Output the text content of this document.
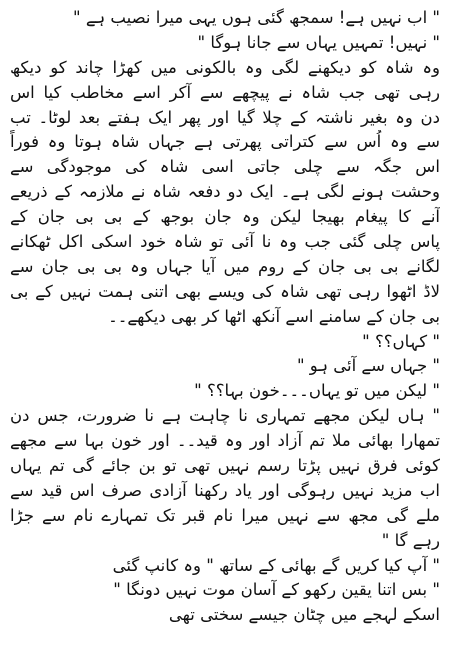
" اب نہیں ہے! سمجھ گئی ہوں یہی میرا نصیب ہے "
" نہیں! تمہیں یہاں سے جانا ہوگا "
وہ شاہ کو دیکھنے لگی وہ بالکونی میں کھڑا چاند کو دیکھ
رہی تھی جب شاہ نے پیچھے سے آکر اسے مخاطب کیا اس
دن وہ بغیر ناشتہ کے چلا گیا اور پھر ایک ہفتے بعد لوٹا۔ تب
سے وہ اُس سے کتراتی پھرتی ہے جہاں شاہ ہوتا وہ فوراً
اس جگہ سے چلی جاتی اسی شاہ کی موجودگی سے
وحشت ہونے لگی ہے۔ ایک دو دفعہ شاہ نے ملازمہ کے ذریعے
آنے کا پیغام بھیجا لیکن وہ جان بوجھ کے بی بی جان کے
پاس چلی گئی جب وہ نا آئی تو شاہ خود اسکی اکل ٹھکانے
لگانے بی بی جان کے روم میں آیا جہاں وہ بی بی جان سے
لاڈ اٹھوا رہی تھی شاہ کی ویسے بھی اتنی ہمت نہیں کے بی
بی جان کے سامنے اسے آنکھ اٹھا کر بھی دیکھے۔۔
" کہاں؟؟ "
" جہاں سے آئی ہو "
" لیکن میں تو یہاں۔۔۔خون بہا؟؟ "
" ہاں لیکن مجھے تمہاری نا چاہت ہے نا ضرورت، جس دن
تمھارا بھائی ملا تم آزاد اور وہ قید۔۔ اور خون بہا سے مجھے
کوئی فرق نہیں پڑتا رسم نہیں تھی تو بن جائے گی تم یہاں
اب مزید نہیں رہوگی اور یاد رکھنا آزادی صرف اس قید سے
ملے گی مجھ سے نہیں میرا نام قبر تک تمہارے نام سے جڑا
رہے گا "
" آپ کیا کریں گے بھائی کے ساتھ " وہ کانپ گئی
" بس اتنا یقین رکھو کے آسان موت نہیں دونگا "
اسکے لہجے میں چٹان جیسے سختی تھی
